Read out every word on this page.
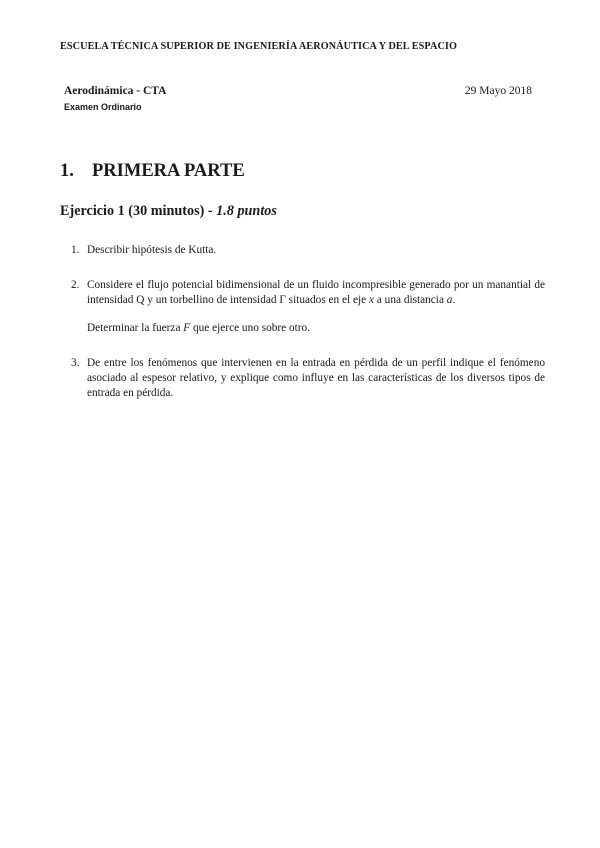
ESCUELA TÉCNICA SUPERIOR DE INGENIERÍA AERONÁUTICA Y DEL ESPACIO
Aerodinámica - CTA	29 Mayo 2018
Examen Ordinario
1. PRIMERA PARTE
Ejercicio 1 (30 minutos) - 1.8 puntos
1. Describir hipótesis de Kutta.
2. Considere el flujo potencial bidimensional de un fluido incompresible generado por un manantial de intensidad Q y un torbellino de intensidad Γ situados en el eje x a una distancia a.
Determinar la fuerza F que ejerce uno sobre otro.
3. De entre los fenómenos que intervienen en la entrada en pérdida de un perfil indique el fenómeno asociado al espesor relativo, y explique como influye en las características de los diversos tipos de entrada en pérdida.
